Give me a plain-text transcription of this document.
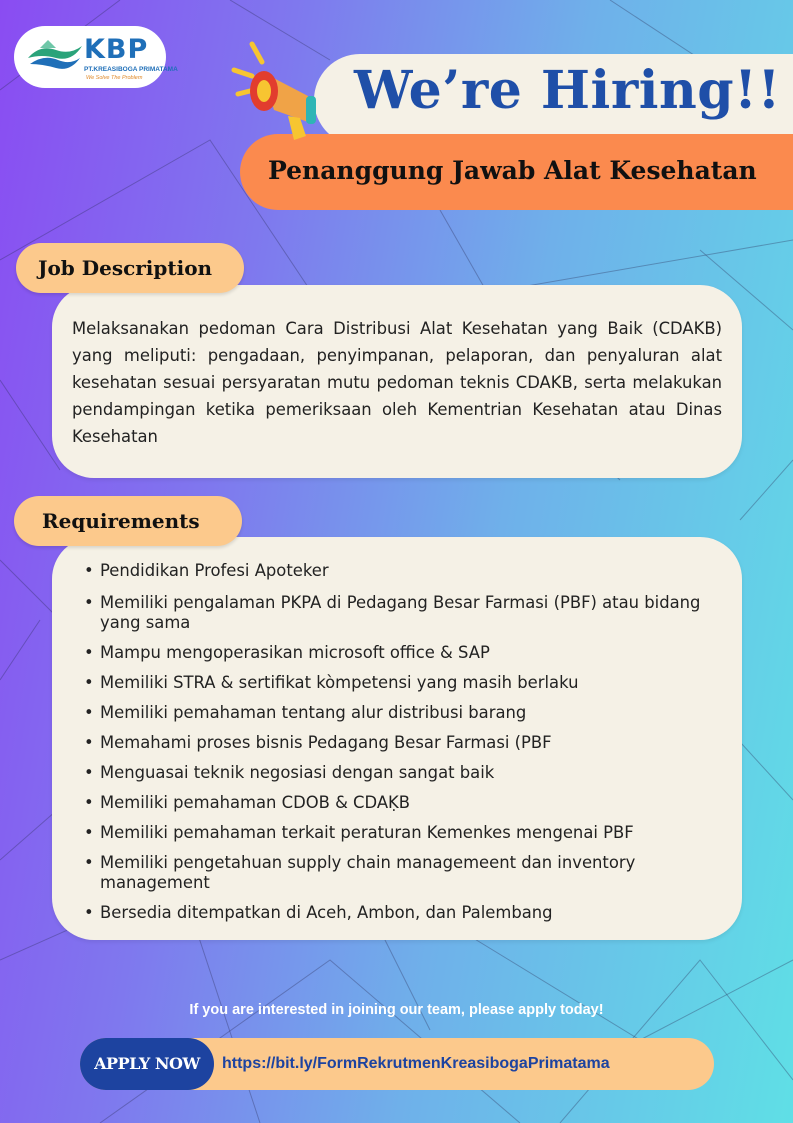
KBP
PT.KREASIBOGA PRIMATAMA
We Solve The Problem	We’re Hiring!!
Penanggung Jawab Alat Kesehatan
Job Description

Melaksanakan pedoman Cara Distribusi Alat Kesehatan yang Baik (CDAKB) yang meliputi: pengadaan, penyimpanan, pelaporan, dan penyaluran alat kesehatan sesuai persyaratan mutu pedoman teknis CDAKB, serta melakukan pendampingan ketika pemeriksaan oleh Kementrian Kesehatan atau Dinas Kesehatan

Requirements
• Pendidikan Profesi Apoteker
• Memiliki pengalaman PKPA di Pedagang Besar Farmasi (PBF) atau bidang yang sama
• Mampu mengoperasikan microsoft office & SAP
• Memiliki STRA & sertifikat kòmpetensi yang masih berlaku
• Memiliki pemahaman tentang alur distribusi barang
• Memahami proses bisnis Pedagang Besar Farmasi (PBF
• Menguasai teknik negosiasi dengan sangat baik
• Memiliki pemahaman CDOB & CDAḲB
• Memiliki pemahaman terkait peraturan Kemenkes mengenai PBF
• Memiliki pengetahuan supply chain managemeent dan inventory management
• Bersedia ditempatkan di Aceh, Ambon, dan Palembang
If you are interested in joining our team, please apply today!
APPLY NOW	https://bit.ly/FormRekrutmenKreasibogaPrimatama
